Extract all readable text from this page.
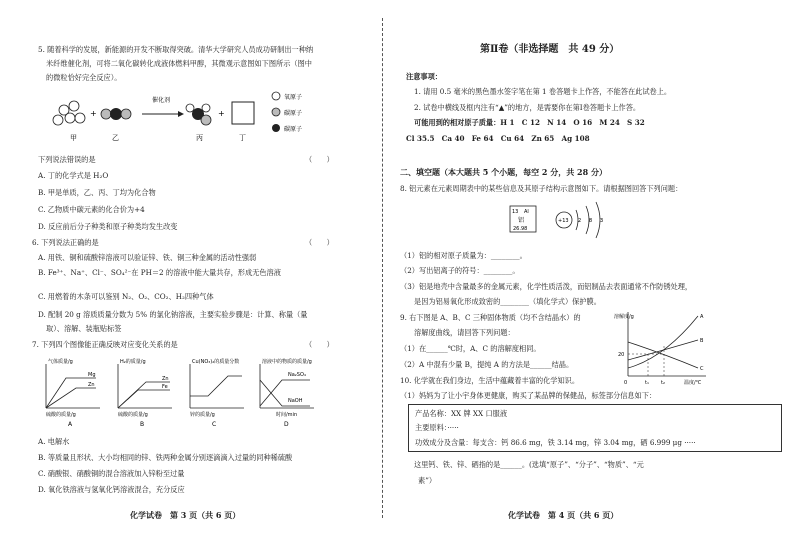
5. 随着科学的发展，新能源的开发不断取得突破。清华大学研究人员成功研制出一种纳
米纤维催化剂，可将二氧化碳转化成液体燃料甲醇，其微观示意图如下图所示（图中
的微粒恰好完全反应）。
甲
+
乙
催化剂
丙
+
丁
氧原子
碳原子
碳原子
下列说法错误的是	（　　）
A. 丁的化学式是 H₂O
B. 甲是单质，乙、丙、丁均为化合物
C. 乙物质中碳元素的化合价为+4
D. 反应前后分子种类和原子种类均发生改变
6. 下列说法正确的是	（　　）
A. 用铁、铜和硫酸锌溶液可以验证锌、铁、铜三种金属的活动性强弱
B. Fe³⁺、Na⁺、Cl⁻、SO₄²⁻在 PH＝2 的溶液中能大量共存，形成无色溶液
C. 用燃着的木条可以鉴别 N₂、O₂、CO₂、H₂四种气体
D. 配制 20 g 溶质质量分数为 5% 的氯化钠溶液，主要实验步骤是：计算、称量（量
取）、溶解、装瓶贴标签
7. 下列四个图像能正确反映对应变化关系的是	（　　）
气体质量/g
Mg
Zn
硫酸的质量/g
A
H₂的质量/g
Zn
Fe
硫酸的质量/g
B
Cu(NO₃)₂的质量分数
锌的质量/g
C
溶液中的物质的质量/g
Na₂SO₄
NaOH
时间/min
D
A. 电解水
B. 等质量且形状、大小均相同的锌、铁两种金属分别逐滴滴入过量的同种稀硫酸
C. 硝酸银、硝酸铜的混合溶液加入锌粉至过量
D. 氧化铁溶液与氢氧化钙溶液混合，充分反应
化学试卷　第 3 页（共 6 页）
第Ⅱ卷（非选择题　共 49 分）
注意事项：
1. 请用 0.5 毫米的黑色墨水签字笔在第 1 卷答题卡上作答，不能答在此试卷上。
2. 试卷中横线及框内注有“▲”的地方，是需要你在第Ⅰ卷答题卡上作答。
可能用到的相对原子质量：H 1　C 12　N 14　O 16　M 24　S 32
Cl 35.5　Ca 40　Fe 64　Cu 64　Zn 65　Ag 108
二、填空题（本大题共 5 个小题，每空 2 分，共 28 分）
8. 铝元素在元素周期表中的某些信息及其原子结构示意图如下。请根据图回答下列问题：
13 Al
铝
26.98
+13 2 8 3
（1）铝的相对原子质量为：________。
（2）写出铝离子的符号：________。
（3）铝是地壳中含量最多的金属元素，化学性质活泼，而铝制品去表面通常不作防锈处理，
是因为铝易氧化形成致密的________（填化学式）保护膜。
9. 右下图是 A、B、C 三种固体物质（均不含结晶水）的
溶解度曲线，请回答下列问题：
（1）在______℃时，A、C 的溶解度相同。
（2）A 中混有少量 B，提纯 A 的方法是______结晶。
溶解度/g
20
A
B
C
0	t₁ t₂	温度/℃
10. 化学就在我们身边，生活中蕴藏着丰富的化学知识。
（1）妈妈为了让小宇身体更健康，购买了某品牌的保健品，标签部分信息如下：
产品名称：XX 牌 XX 口服液
主要原料：·····
功效成分及含量：每支含：钙 86.6 mg，铁 3.14 mg，锌 3.04 mg，硒 6.999 μg ·····
这里钙、铁、锌、硒指的是______。(选填“原子”、“分子”、“物质”、“元
素”）
化学试卷　第 4 页（共 6 页）
